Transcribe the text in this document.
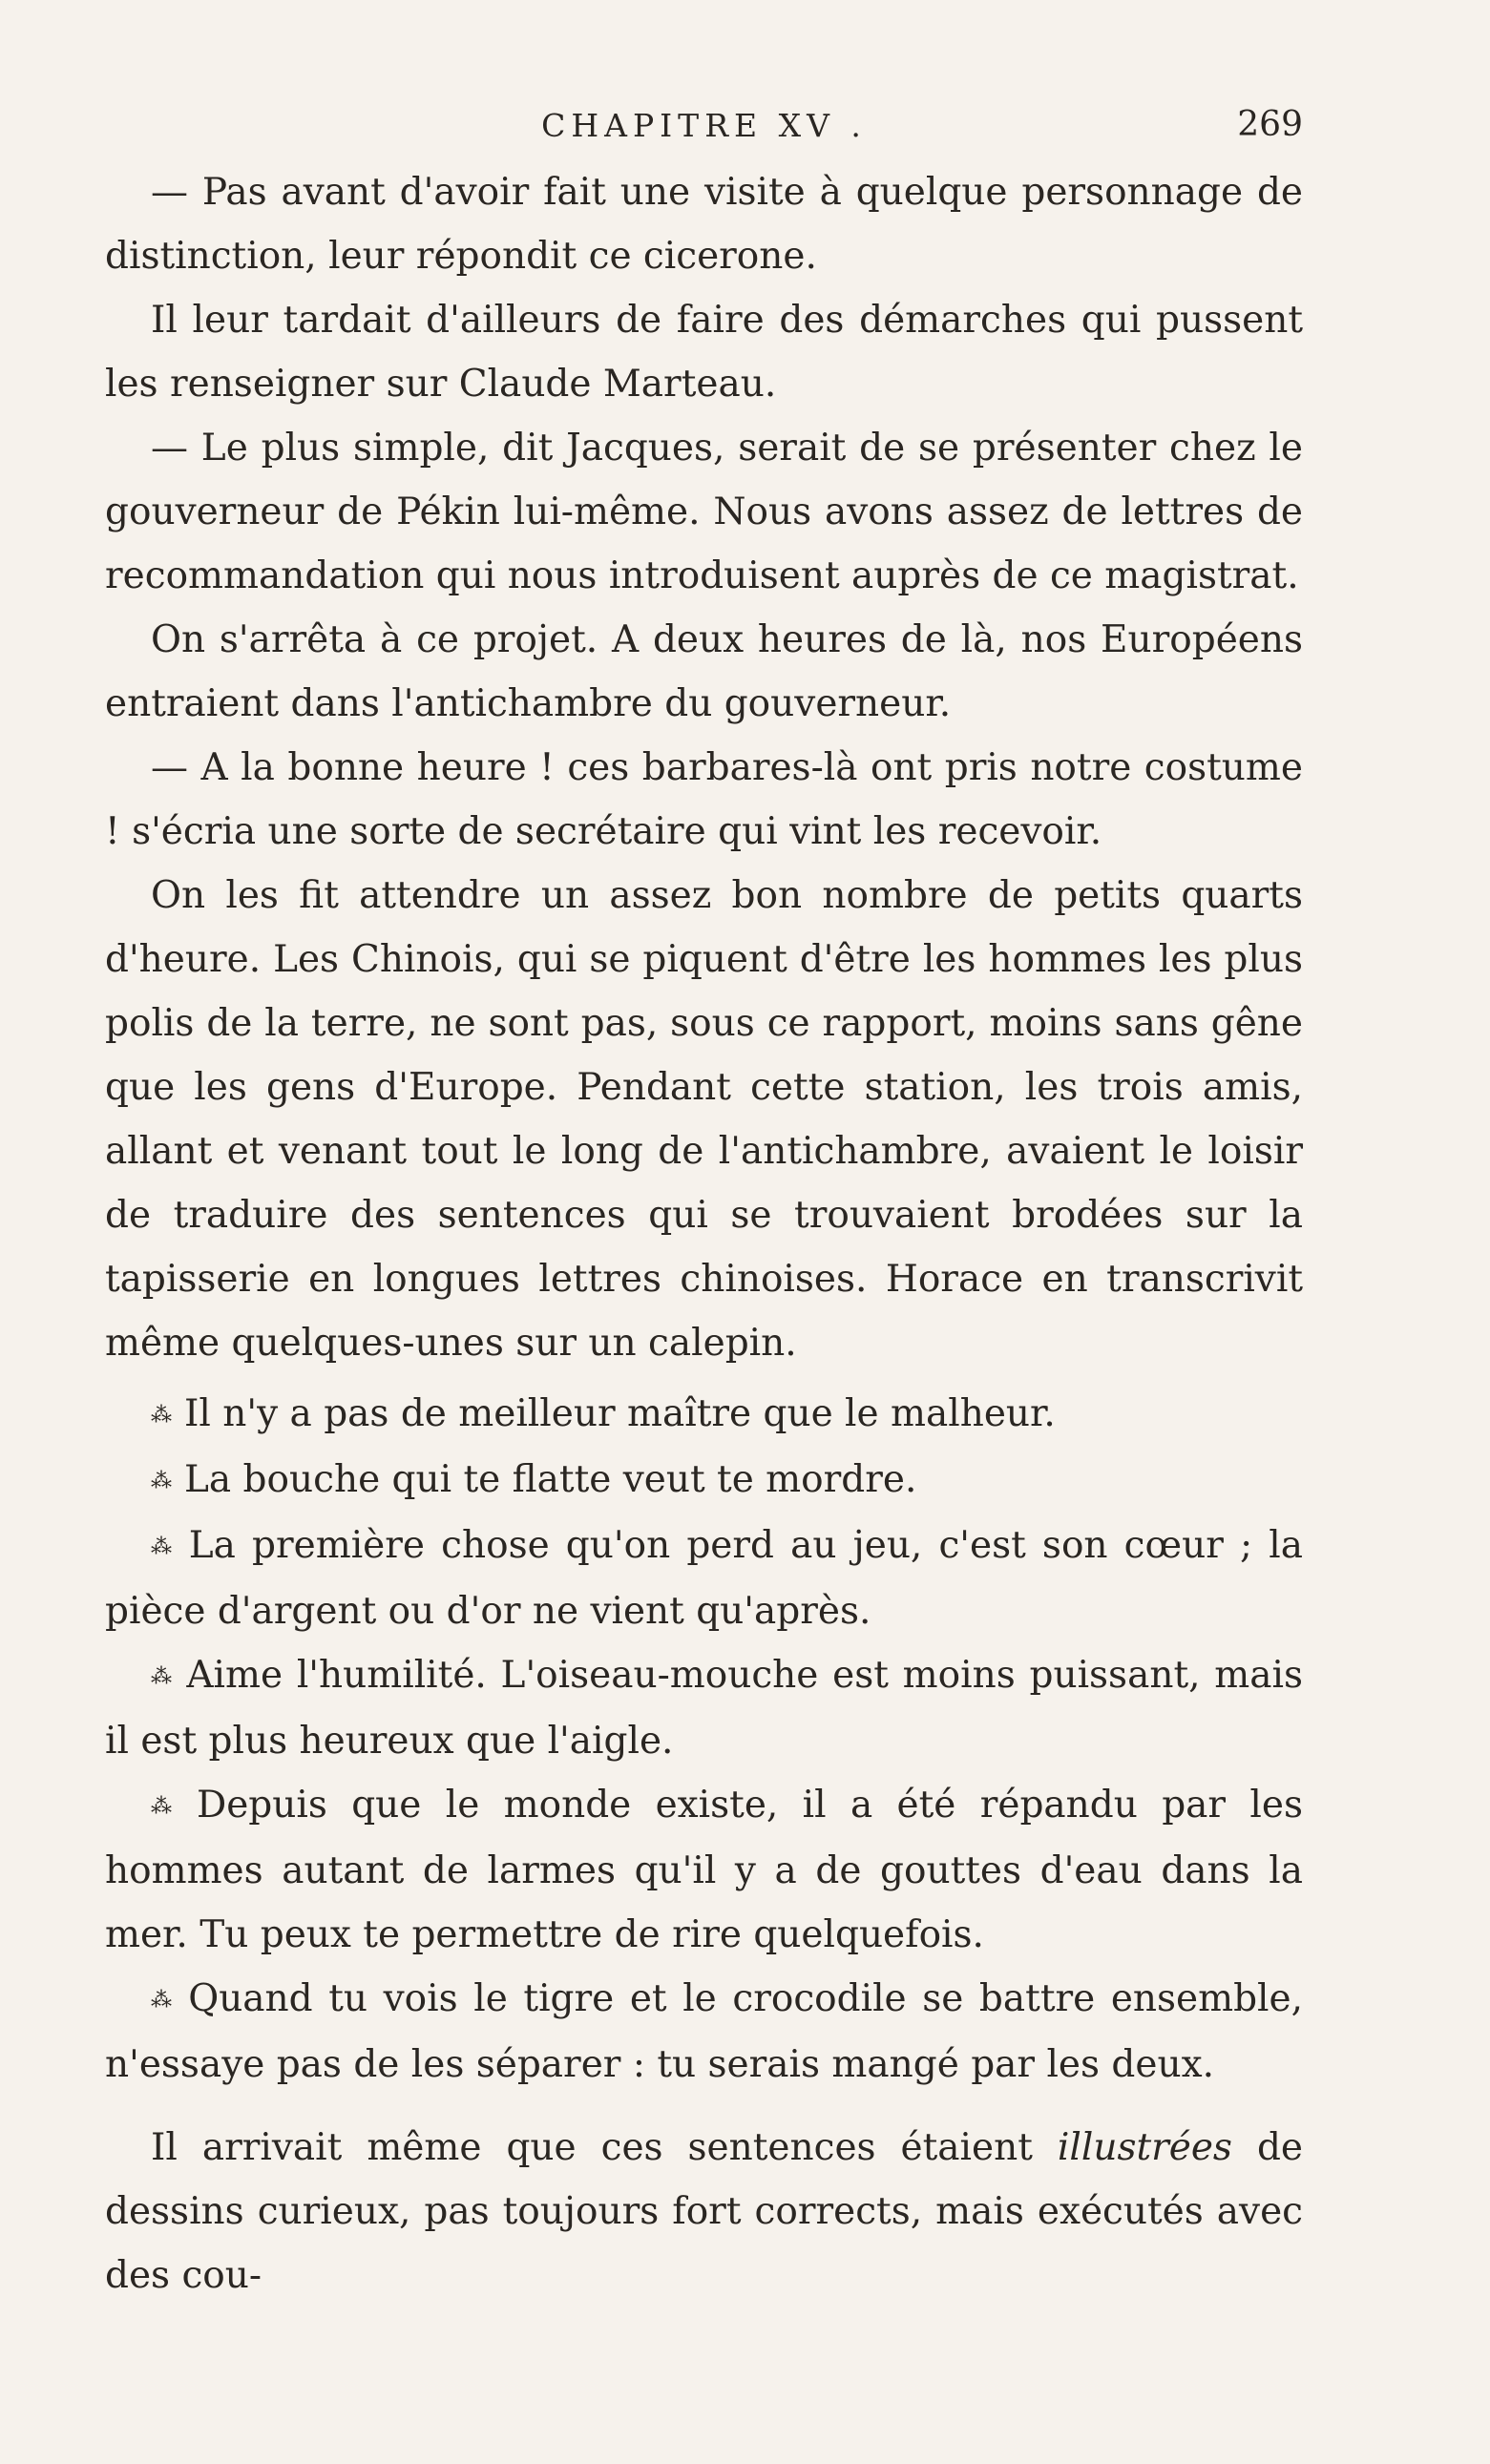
CHAPITRE XV .	269

— Pas avant d'avoir fait une visite à quelque personnage de distinction, leur répondit ce cicerone.

Il leur tardait d'ailleurs de faire des démarches qui pussent les renseigner sur Claude Marteau.

— Le plus simple, dit Jacques, serait de se présenter chez le gouverneur de Pékin lui-même. Nous avons assez de lettres de recommandation qui nous introduisent auprès de ce magistrat.

On s'arrêta à ce projet. A deux heures de là, nos Européens entraient dans l'antichambre du gouverneur.

— A la bonne heure ! ces barbares-là ont pris notre costume ! s'écria une sorte de secrétaire qui vint les recevoir.

On les fit attendre un assez bon nombre de petits quarts d'heure. Les Chinois, qui se piquent d'être les hommes les plus polis de la terre, ne sont pas, sous ce rapport, moins sans gêne que les gens d'Europe. Pendant cette station, les trois amis, allant et venant tout le long de l'antichambre, avaient le loisir de traduire des sentences qui se trouvaient brodées sur la tapisserie en longues lettres chinoises. Horace en transcrivit même quelques-unes sur un calepin.

⁂ Il n'y a pas de meilleur maître que le malheur.

⁂ La bouche qui te flatte veut te mordre.

⁂ La première chose qu'on perd au jeu, c'est son cœur ; la pièce d'argent ou d'or ne vient qu'après.

⁂ Aime l'humilité. L'oiseau-mouche est moins puissant, mais il est plus heureux que l'aigle.

⁂ Depuis que le monde existe, il a été répandu par les hommes autant de larmes qu'il y a de gouttes d'eau dans la mer. Tu peux te permettre de rire quelquefois.

⁂ Quand tu vois le tigre et le crocodile se battre ensemble, n'essaye pas de les séparer : tu serais mangé par les deux.

Il arrivait même que ces sentences étaient illustrées de dessins curieux, pas toujours fort corrects, mais exécutés avec des cou-
